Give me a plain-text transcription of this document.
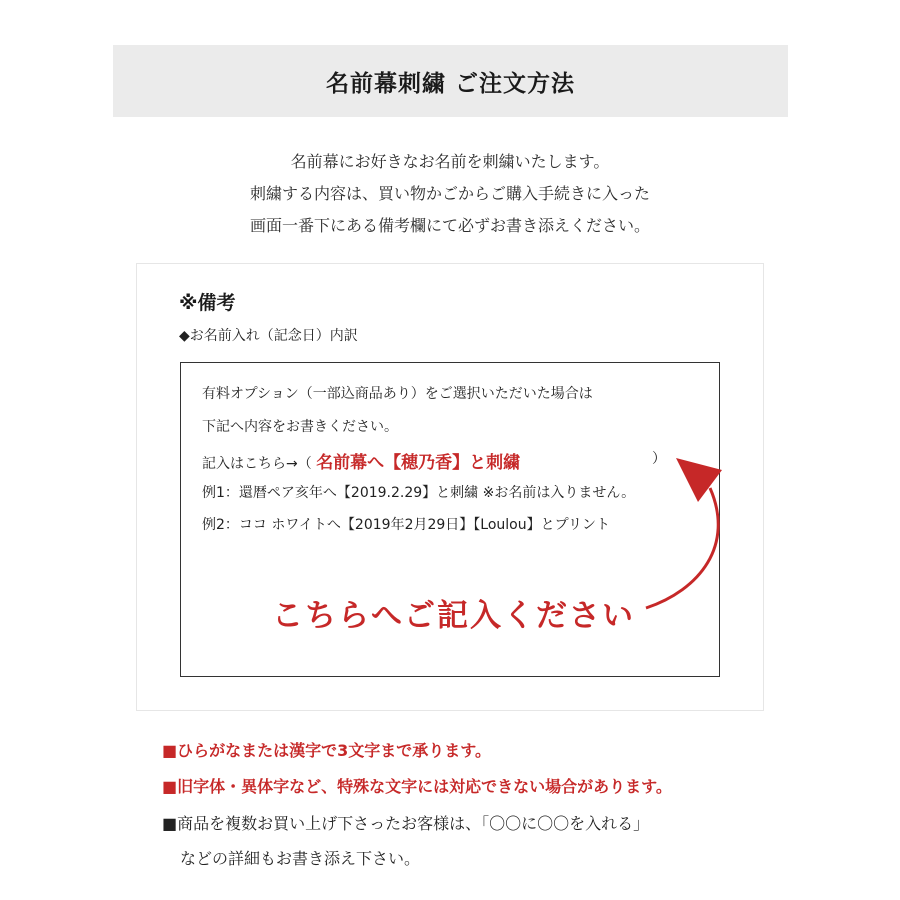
名前幕刺繍 ご注文方法
名前幕にお好きなお名前を刺繍いたします。
刺繍する内容は、買い物かごからご購入手続きに入った
画面一番下にある備考欄にて必ずお書き添えください。
※備考
◆お名前入れ（記念日）内訳
有料オプション（一部込商品あり）をご選択いただいた場合は
下記へ内容をお書きください。
記入はこちら→（ 名前幕へ【穂乃香】と刺繍	）
例1：還暦ペア亥年へ【2019.2.29】と刺繍 ※お名前は入りません。
例2：ココ ホワイトへ【2019年2月29日】【Loulou】とプリント
こちらへご記入ください
■ひらがなまたは漢字で3文字まで承ります。
■旧字体・異体字など、特殊な文字には対応できない場合があります。
■商品を複数お買い上げ下さったお客様は、「〇〇に〇〇を入れる」
などの詳細もお書き添え下さい。
